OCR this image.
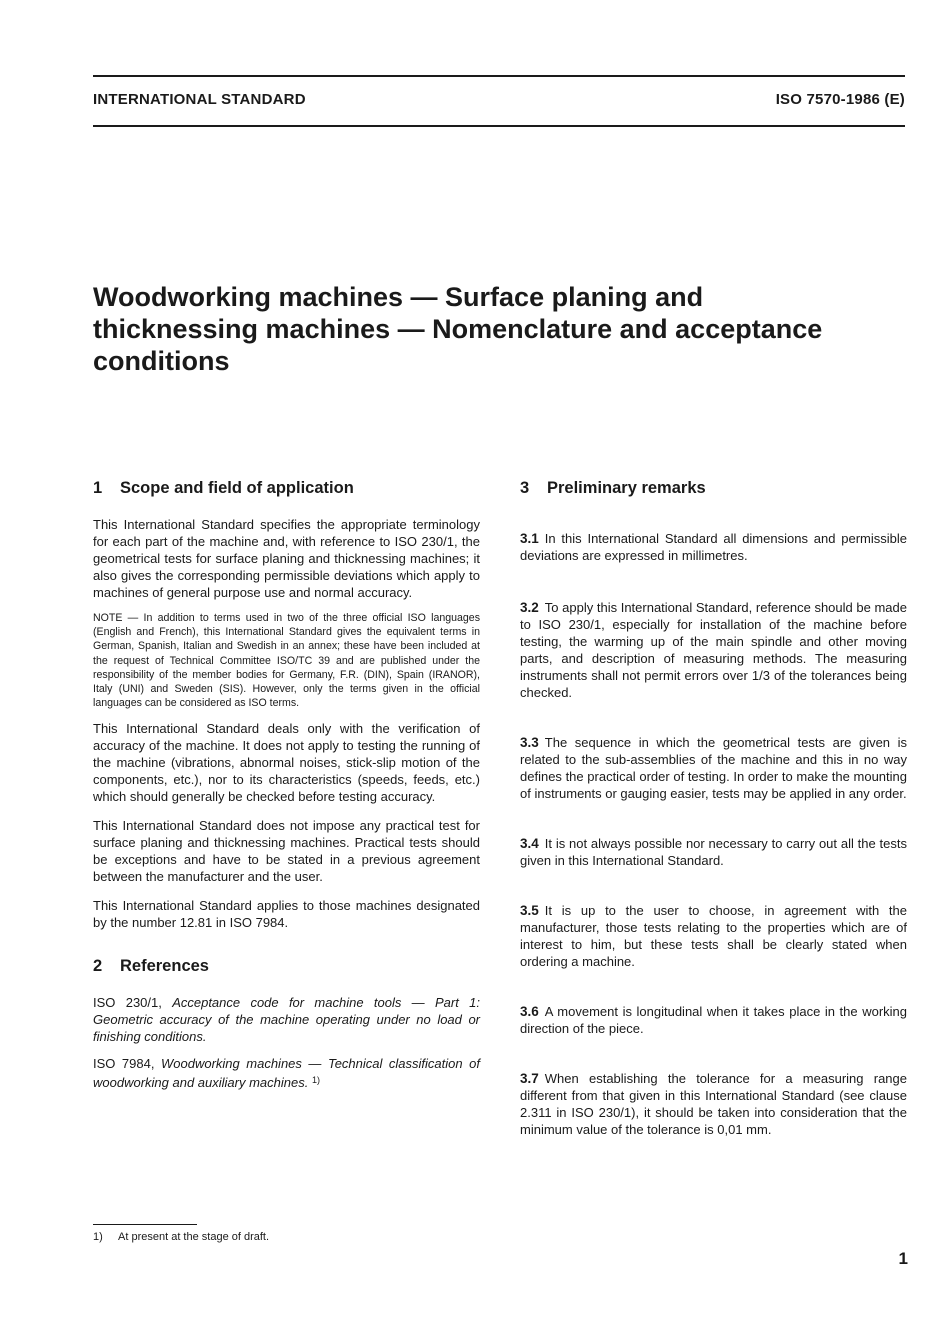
INTERNATIONAL STANDARD	ISO 7570-1986 (E)
Woodworking machines — Surface planing and
thicknessing machines — Nomenclature and acceptance
conditions
1 Scope and field of application

This International Standard specifies the appropriate terminology for each part of the machine and, with reference to ISO 230/1, the geometrical tests for surface planing and thicknessing machines; it also gives the corresponding permissible deviations which apply to machines of general purpose use and normal accuracy.

NOTE — In addition to terms used in two of the three official ISO languages (English and French), this International Standard gives the equivalent terms in German, Spanish, Italian and Swedish in an annex; these have been included at the request of Technical Committee ISO/TC 39 and are published under the responsibility of the member bodies for Germany, F.R. (DIN), Spain (IRANOR), Italy (UNI) and Sweden (SIS). However, only the terms given in the official languages can be considered as ISO terms.

This International Standard deals only with the verification of accuracy of the machine. It does not apply to testing the running of the machine (vibrations, abnormal noises, stick-slip motion of the components, etc.), nor to its characteristics (speeds, feeds, etc.) which should generally be checked before testing accuracy.

This International Standard does not impose any practical test for surface planing and thicknessing machines. Practical tests should be exceptions and have to be stated in a previous agreement between the manufacturer and the user.

This International Standard applies to those machines designated by the number 12.81 in ISO 7984.

2 References

ISO 230/1, Acceptance code for machine tools — Part 1: Geometric accuracy of the machine operating under no load or finishing conditions.

ISO 7984, Woodworking machines — Technical classification of woodworking and auxiliary machines. $^{1)}$

3 Preliminary remarks

3.1 In this International Standard all dimensions and permissible deviations are expressed in millimetres.

3.2 To apply this International Standard, reference should be made to ISO 230/1, especially for installation of the machine before testing, the warming up of the main spindle and other moving parts, and description of measuring methods. The measuring instruments shall not permit errors over 1/3 of the tolerances being checked.

3.3 The sequence in which the geometrical tests are given is related to the sub-assemblies of the machine and this in no way defines the practical order of testing. In order to make the mounting of instruments or gauging easier, tests may be applied in any order.

3.4 It is not always possible nor necessary to carry out all the tests given in this International Standard.

3.5 It is up to the user to choose, in agreement with the manufacturer, those tests relating to the properties which are of interest to him, but these tests shall be clearly stated when ordering a machine.

3.6 A movement is longitudinal when it takes place in the working direction of the piece.

3.7 When establishing the tolerance for a measuring range different from that given in this International Standard (see clause 2.311 in ISO 230/1), it should be taken into consideration that the minimum value of the tolerance is 0,01 mm.

1) At present at the stage of draft.
1
